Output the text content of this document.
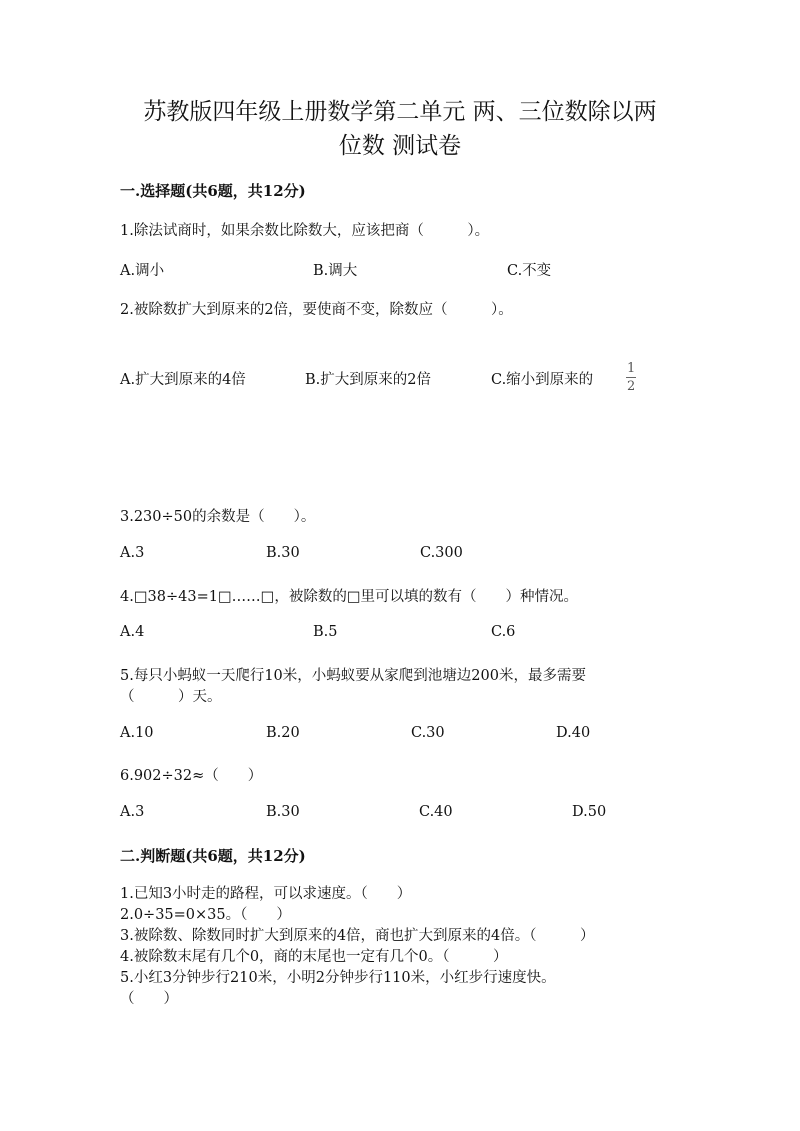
苏教版四年级上册数学第二单元 两、三位数除以两
位数 测试卷
一.选择题(共6题，共12分)
1.除法试商时，如果余数比除数大，应该把商（　　　）。
A.调小	B.调大	C.不变
2.被除数扩大到原来的2倍，要使商不变，除数应（　　　）。
A.扩大到原来的4倍	B.扩大到原来的2倍	C.缩小到原来的	$\frac{1}{2}$
3.230÷50的余数是（　　）。
A.3	B.30	C.300
4.□38÷43=1□……□，被除数的□里可以填的数有（　　）种情况。
A.4	B.5	C.6
5.每只小蚂蚁一天爬行10米，小蚂蚁要从家爬到池塘边200米，最多需要
（　　　）天。
A.10	B.20	C.30	D.40
6.902÷32≈（　　）
A.3	B.30	C.40	D.50
二.判断题(共6题，共12分)
1.已知3小时走的路程，可以求速度。（　　）
2.0÷35=0×35。（　　）
3.被除数、除数同时扩大到原来的4倍，商也扩大到原来的4倍。（　　　）
4.被除数末尾有几个0，商的末尾也一定有几个0。（　　　）
5.小红3分钟步行210米，小明2分钟步行110米，小红步行速度快。
（　　）
